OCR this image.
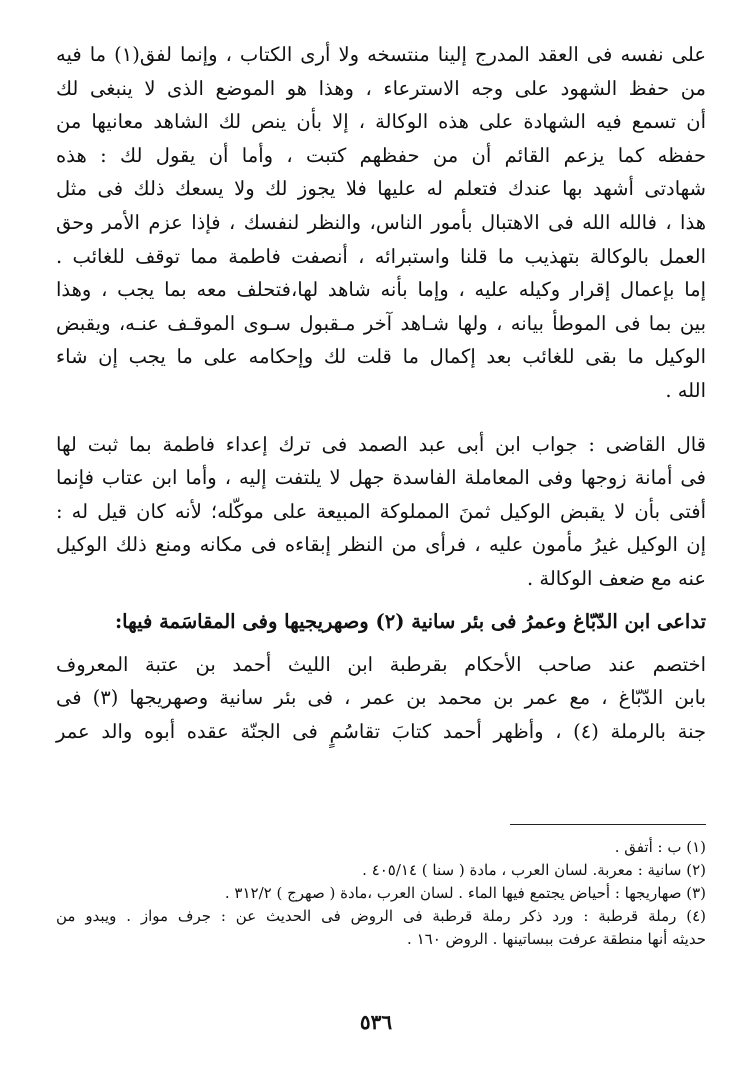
على نفسه فى العقد المدرج إلينا منتسخه ولا أرى الكتاب ، وإنما لفق(١) ما فيه
من حفظ الشهود على وجه الاسترعاء ، وهذا هو الموضع الذى لا ينبغى لك
أن تسمع فيه الشهادة على هذه الوكالة ، إلا بأن ينص لك الشاهد معانيها من
حفظه كما يزعم القائم أن من حفظهم كتبت ، وأما أن يقول لك : هذه
شهادتى أشهد بها عندك فتعلم له عليها فلا يجوز لك ولا يسعك ذلك فى مثل
هذا ، فالله الله فى الاهتبال بأمور الناس، والنظر لنفسك ، فإذا عزم الأمر وحق
العمل بالوكالة بتهذيب ما قلنا واستبرائه ، أنصفت فاطمة مما توقف للغائب .
إما بإعمال إقرار وكيله عليه ، وإما بأنه شاهد لها،فتحلف معه بما يجب ، وهذا
بين بما فى الموطأ بيانه ، ولها شـاهد آخر مـقبول سـوى الموقـف عنـه، ويقبض
الوكيل ما بقى للغائب بعد إكمال ما قلت لك وإحكامه على ما يجب إن شاء
الله .
قال القاضى : جواب ابن أبى عبد الصمد فى ترك إعداء فاطمة بما ثبت لها
فى أمانة زوجها وفى المعاملة الفاسدة جهل لا يلتفت إليه ، وأما ابن عتاب فإنما
أفتى بأن لا يقبض الوكيل ثمنَ المملوكة المبيعة على موكّله؛ لأنه كان قيل له :
إن الوكيل غيرُ مأمون عليه ، فرأى من النظر إبقاءه فى مكانه ومنع ذلك الوكيل
عنه مع ضعف الوكالة .
تداعى ابن الدّبّاغ وعمرُ فى بئر سانية (٢) وصهريجيها وفى المقاسَمة فيها:
اختصم عند صاحب الأحكام بقرطبة ابن الليث أحمد بن عتبة المعروف
بابن الدّبّاغ ، مع عمر بن محمد بن عمر ، فى بئر سانية وصهريجها (٣) فى
جنة بالرملة (٤) ، وأظهر أحمد كتابَ تقاسُمٍ فى الجنّة عقده أبوه والد عمر
(١) ب : أتفق .
(٢) سانية : معربة. لسان العرب ، مادة ( سنا ) ٤٠٥/١٤ .
(٣) صهاريجها : أحياض يجتمع فيها الماء . لسان العرب ،مادة ( صهرج ) ٣١٢/٢ .
(٤) رملة قرطبة : ورد ذكر رملة قرطبة فى الروض فى الحديث عن : جرف مواز . ويبدو من
حديثه أنها منطقة عرفت ببساتينها . الروض ١٦٠ .
٥٣٦
